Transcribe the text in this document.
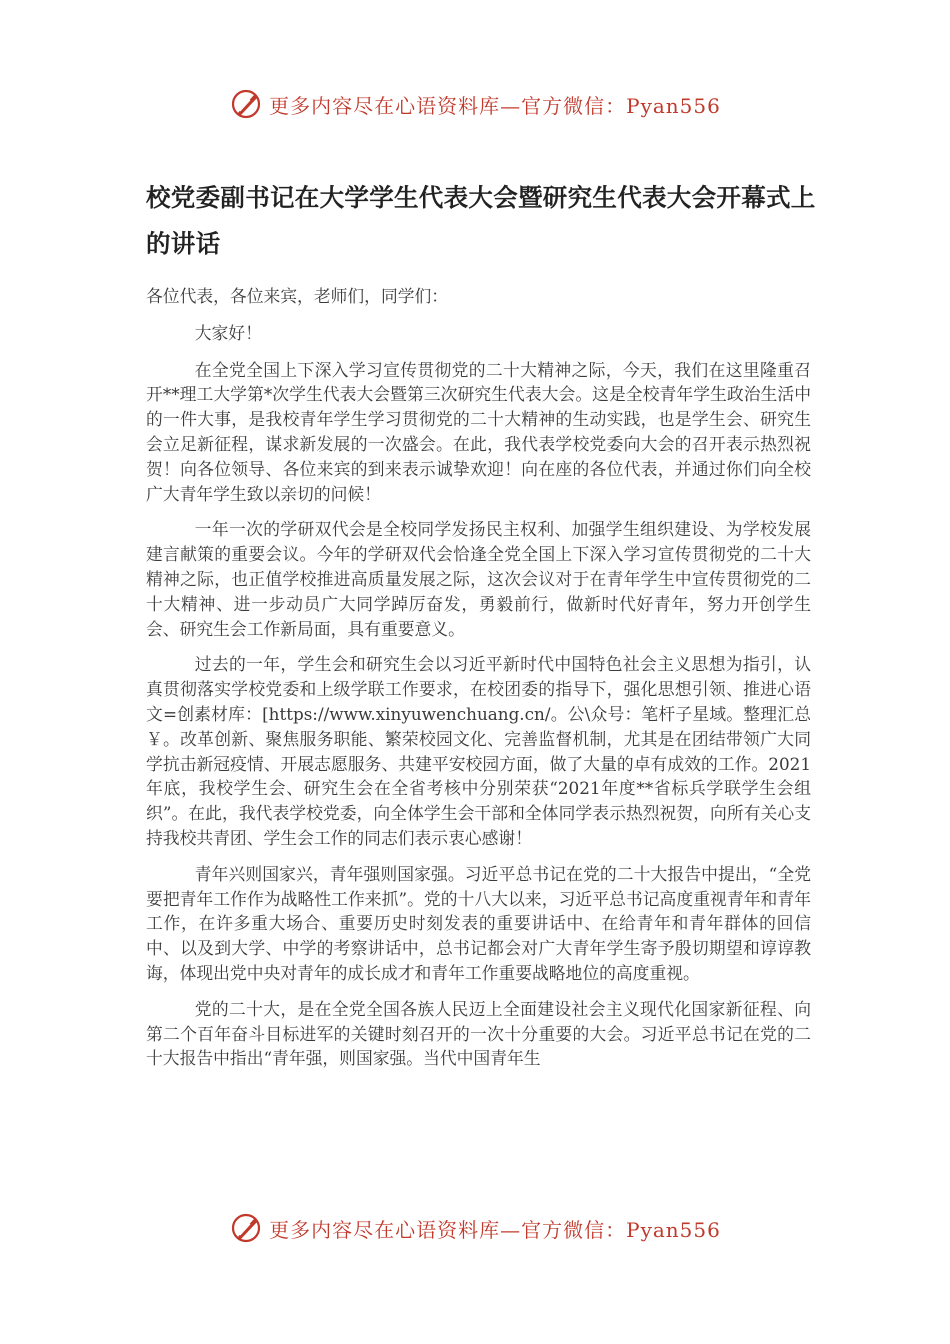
更多内容尽在心语资料库—官方微信：Pyan556
校党委副书记在大学学生代表大会暨研究生代表大会开幕式上的讲话

各位代表，各位来宾，老师们，同学们：

大家好！

在全党全国上下深入学习宣传贯彻党的二十大精神之际，今天，我们在这里隆重召开**理工大学第*次学生代表大会暨第三次研究生代表大会。这是全校青年学生政治生活中的一件大事，是我校青年学生学习贯彻党的二十大精神的生动实践，也是学生会、研究生会立足新征程，谋求新发展的一次盛会。在此，我代表学校党委向大会的召开表示热烈祝贺！向各位领导、各位来宾的到来表示诚挚欢迎！向在座的各位代表，并通过你们向全校广大青年学生致以亲切的问候！

一年一次的学研双代会是全校同学发扬民主权利、加强学生组织建设、为学校发展建言献策的重要会议。今年的学研双代会恰逢全党全国上下深入学习宣传贯彻党的二十大精神之际，也正值学校推进高质量发展之际，这次会议对于在青年学生中宣传贯彻党的二十大精神、进一步动员广大同学踔厉奋发，勇毅前行，做新时代好青年，努力开创学生会、研究生会工作新局面，具有重要意义。

过去的一年，学生会和研究生会以习近平新时代中国特色社会主义思想为指引，认真贯彻落实学校党委和上级学联工作要求，在校团委的指导下，强化思想引领、推进心语文=创素材库：[https://www.xinyuwenchuang.cn/。公\众号：笔杆子星域。整理汇总￥。改革创新、聚焦服务职能、繁荣校园文化、完善监督机制，尤其是在团结带领广大同学抗击新冠疫情、开展志愿服务、共建平安校园方面，做了大量的卓有成效的工作。2021年底，我校学生会、研究生会在全省考核中分别荣获“2021年度**省标兵学联学生会组织”。在此，我代表学校党委，向全体学生会干部和全体同学表示热烈祝贺，向所有关心支持我校共青团、学生会工作的同志们表示衷心感谢！

青年兴则国家兴，青年强则国家强。习近平总书记在党的二十大报告中提出，“全党要把青年工作作为战略性工作来抓”。党的十八大以来，习近平总书记高度重视青年和青年工作，在许多重大场合、重要历史时刻发表的重要讲话中、在给青年和青年群体的回信中、以及到大学、中学的考察讲话中，总书记都会对广大青年学生寄予殷切期望和谆谆教诲，体现出党中央对青年的成长成才和青年工作重要战略地位的高度重视。

党的二十大，是在全党全国各族人民迈上全面建设社会主义现代化国家新征程、向第二个百年奋斗目标进军的关键时刻召开的一次十分重要的大会。习近平总书记在党的二十大报告中指出“青年强，则国家强。当代中国青年生

更多内容尽在心语资料库—官方微信：Pyan556
